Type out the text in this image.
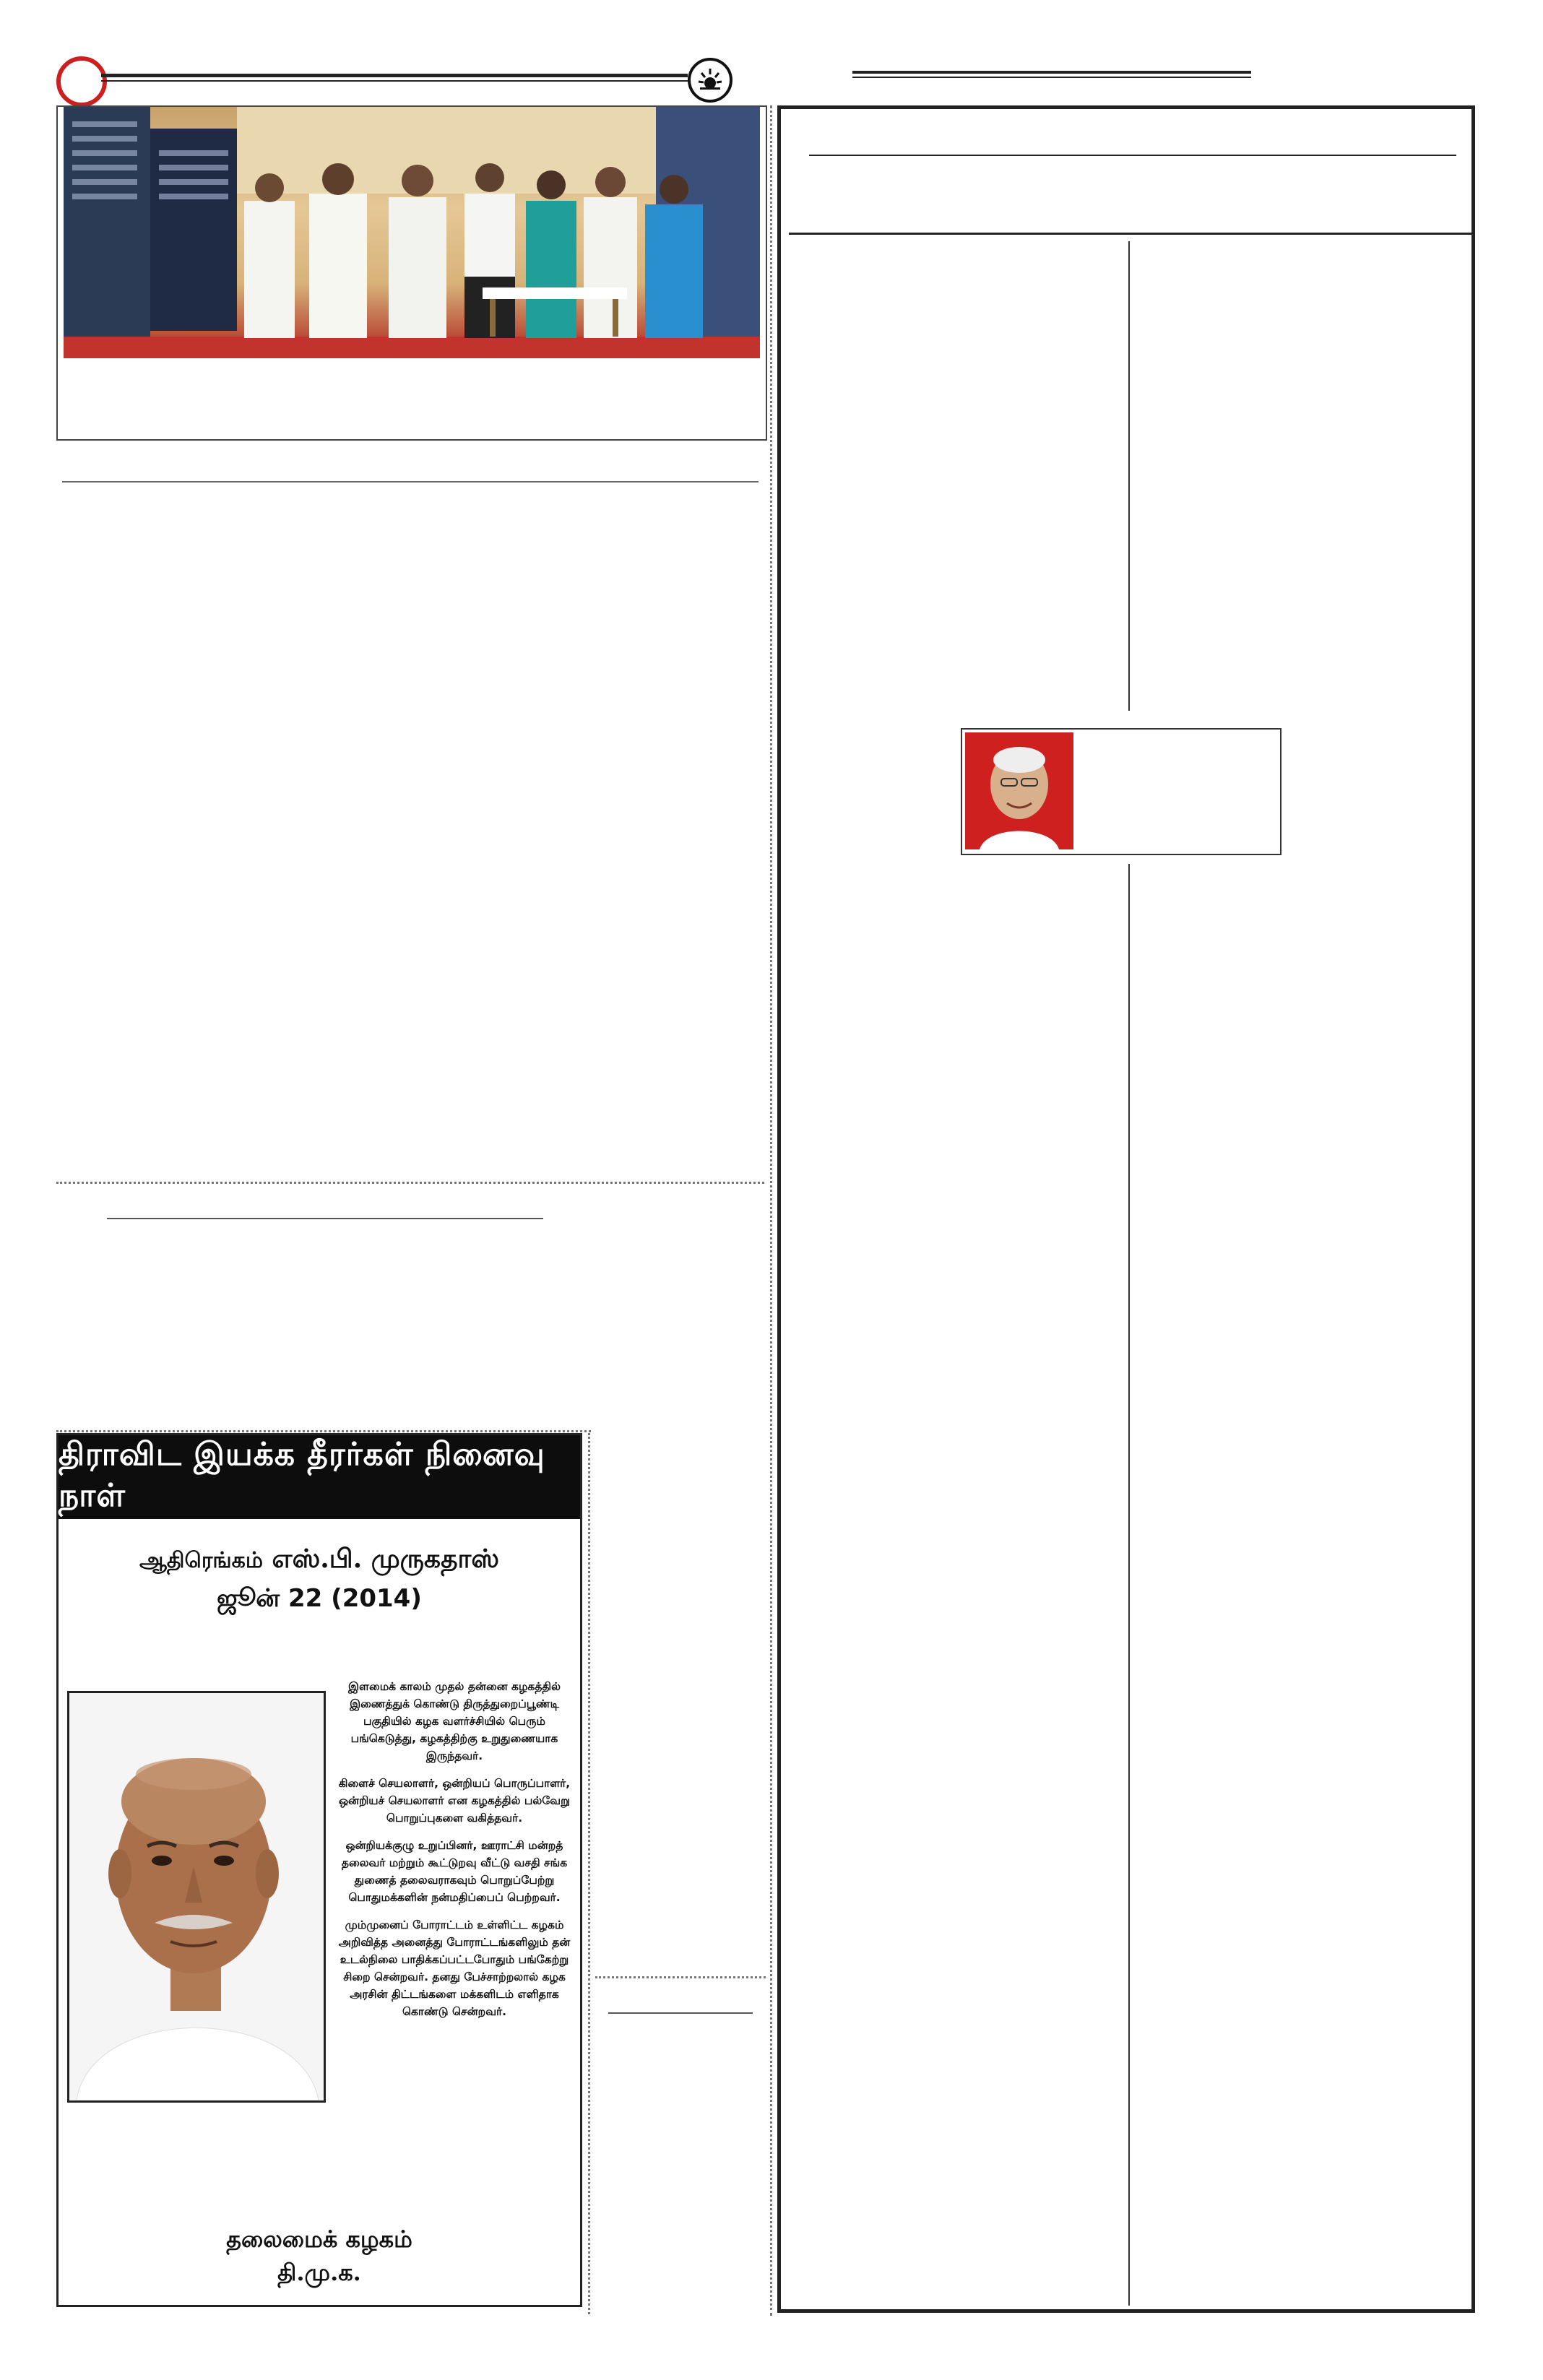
திராவிட இயக்க தீரர்கள் நினைவு நாள்
ஆதிரெங்கம் எஸ்.பி. முருகதாஸ்
ஜூன் 22 (2014)

இளமைக் காலம் முதல் தன்னை கழகத்தில் இணைத்துக் கொண்டு திருத்துறைப்பூண்டி பகுதியில் கழக வளர்ச்சியில் பெரும் பங்கெடுத்து, கழகத்திற்கு உறுதுணையாக இருந்தவர்.

கிளைச் செயலாளர், ஒன்றியப் பொருப்பாளர், ஒன்றியச் செயலாளர் என கழகத்தில் பல்வேறு பொறுப்புகளை வகித்தவர்.

ஒன்றியக்குழு உறுப்பினர், ஊராட்சி மன்றத் தலைவர் மற்றும் கூட்டுறவு வீட்டு வசதி சங்க துணைத் தலைவராகவும் பொறுப்பேற்று பொதுமக்களின் நன்மதிப்பைப் பெற்றவர்.

மும்முனைப் போராட்டம் உள்ளிட்ட கழகம் அறிவித்த அனைத்து போராட்டங்களிலும் தன் உடல்நிலை பாதிக்கப்பட்டபோதும் பங்கேற்று சிறை சென்றவர். தனது பேச்சாற்றலால் கழக அரசின் திட்டங்களை மக்களிடம் எளிதாக கொண்டு சென்றவர்.

தலைமைக் கழகம்
தி.மு.க.
